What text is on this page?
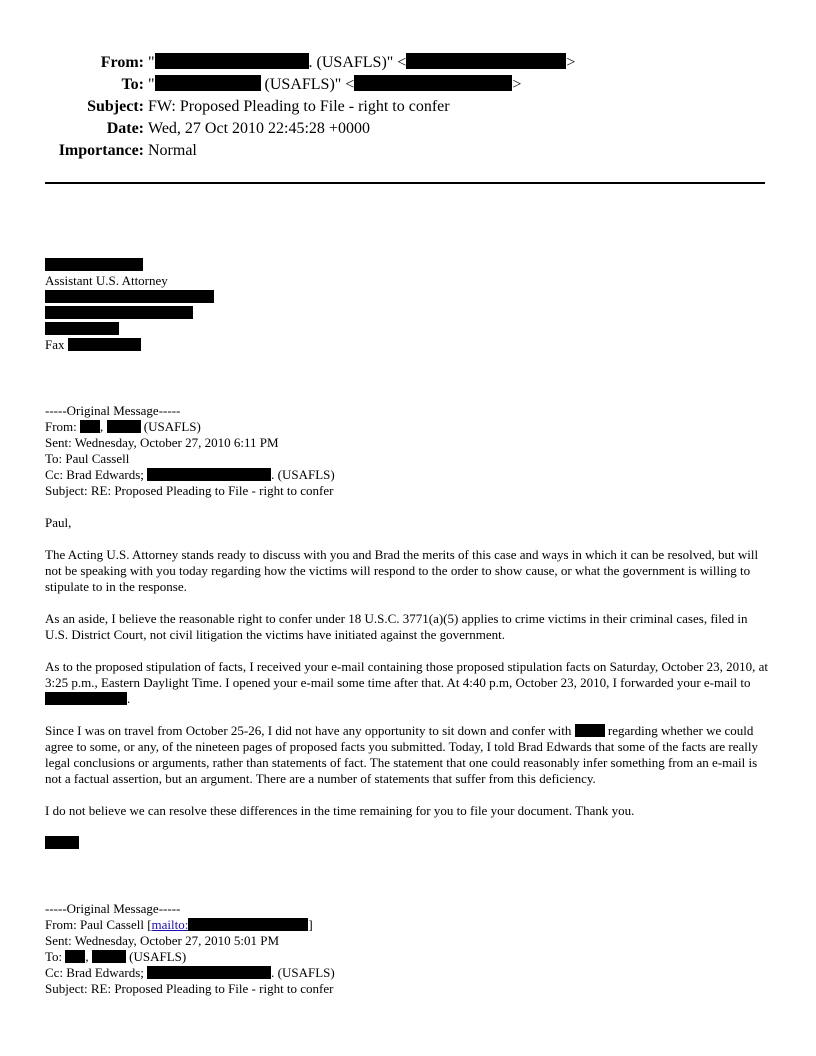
From: "	. (USAFLS)" <	>
To: "	(USAFLS)" <	>
Subject: FW: Proposed Pleading to File - right to confer
Date: Wed, 27 Oct 2010 22:45:28 +0000
Importance: Normal
Assistant U.S. Attorney
Fax
-----Original Message-----
From: ,	(USAFLS)
Sent: Wednesday, October 27, 2010 6:11 PM
To: Paul Cassell
Cc: Brad Edwards;	. (USAFLS)
Subject: RE: Proposed Pleading to File - right to confer
Paul,
The Acting U.S. Attorney stands ready to discuss with you and Brad the merits of this case and ways in which it can be resolved, but will not be speaking with you today regarding how the victims will respond to the order to show cause, or what the government is willing to stipulate to in the response.
As an aside, I believe the reasonable right to confer under 18 U.S.C. 3771(a)(5) applies to crime victims in their criminal cases, filed in U.S. District Court, not civil litigation the victims have initiated against the government.
As to the proposed stipulation of facts, I received your e-mail containing those proposed stipulation facts on Saturday, October 23, 2010, at 3:25 p.m., Eastern Daylight Time. I opened your e-mail some time after that. At 4:40 p.m, October 23, 2010, I forwarded your e-mail to
.
Since I was on travel from October 25-26, I did not have any opportunity to sit down and confer with	regarding whether we could agree to some, or any, of the nineteen pages of proposed facts you submitted. Today, I told Brad Edwards that some of the facts are really legal conclusions or arguments, rather than statements of fact. The statement that one could reasonably infer something from an e-mail is not a factual assertion, but an argument. There are a number of statements that suffer from this deficiency.
I do not believe we can resolve these differences in the time remaining for you to file your document. Thank you.
-----Original Message-----
From: Paul Cassell [mailto:	]
Sent: Wednesday, October 27, 2010 5:01 PM
To: ,	(USAFLS)
Cc: Brad Edwards;	. (USAFLS)
Subject: RE: Proposed Pleading to File - right to confer
